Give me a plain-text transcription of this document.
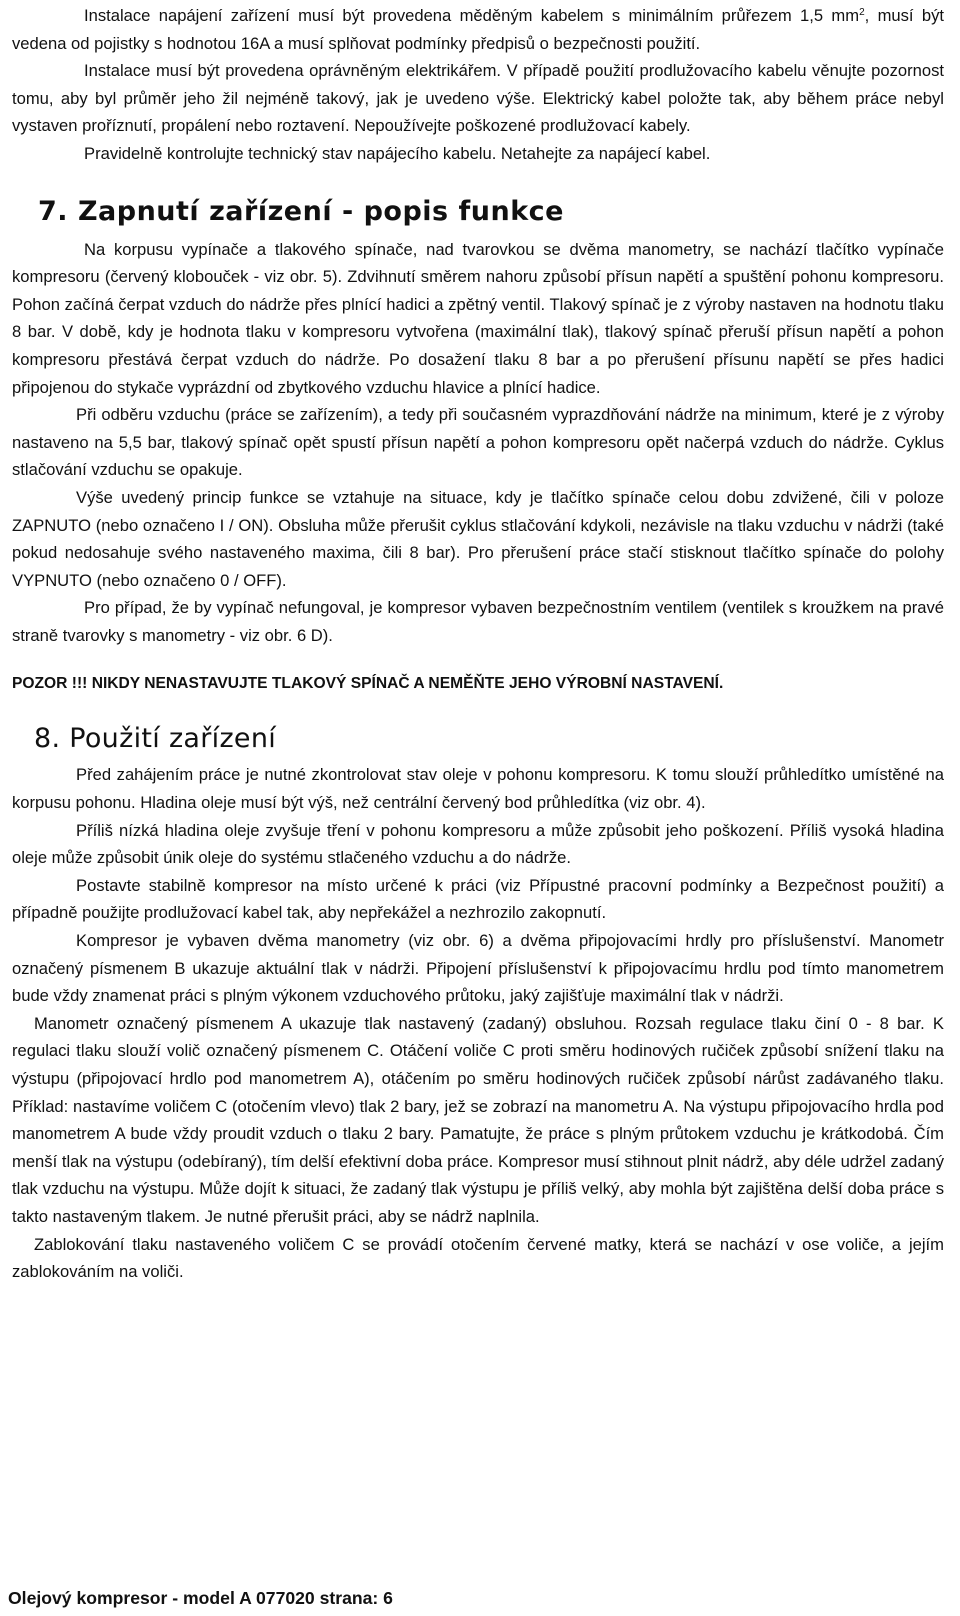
Instalace napájení zařízení musí být provedena měděným kabelem s minimálním průřezem 1,5 $mm^2$, musí být vedena od pojistky s hodnotou 16A a musí splňovat podmínky předpisů o bezpečnosti použití.

Instalace musí být provedena oprávněným elektrikářem. V případě použití prodlužovacího kabelu věnujte pozornost tomu, aby byl průměr jeho žil nejméně takový, jak je uvedeno výše. Elektrický kabel položte tak, aby během práce nebyl vystaven proříznutí, propálení nebo roztavení. Nepoužívejte poškozené prodlužovací kabely.

Pravidelně kontrolujte technický stav napájecího kabelu. Netahejte za napájecí kabel.

7. Zapnutí zařízení - popis funkce

Na korpusu vypínače a tlakového spínače, nad tvarovkou se dvěma manometry, se nachází tlačítko vypínače kompresoru (červený klobouček - viz obr. 5). Zdvihnutí směrem nahoru způsobí přísun napětí a spuštění pohonu kompresoru. Pohon začíná čerpat vzduch do nádrže přes plnící hadici a zpětný ventil. Tlakový spínač je z výroby nastaven na hodnotu tlaku 8 bar. V době, kdy je hodnota tlaku v kompresoru vytvořena (maximální tlak), tlakový spínač přeruší přísun napětí a pohon kompresoru přestává čerpat vzduch do nádrže. Po dosažení tlaku 8 bar a po přerušení přísunu napětí se přes hadici připojenou do stykače vyprázdní od zbytkového vzduchu hlavice a plnící hadice.

Při odběru vzduchu (práce se zařízením), a tedy při současném vyprazdňování nádrže na minimum, které je z výroby nastaveno na 5,5 bar, tlakový spínač opět spustí přísun napětí a pohon kompresoru opět načerpá vzduch do nádrže. Cyklus stlačování vzduchu se opakuje.

Výše uvedený princip funkce se vztahuje na situace, kdy je tlačítko spínače celou dobu zdvižené, čili v poloze ZAPNUTO (nebo označeno I / ON). Obsluha může přerušit cyklus stlačování kdykoli, nezávisle na tlaku vzduchu v nádrži (také pokud nedosahuje svého nastaveného maxima, čili 8 bar). Pro přerušení práce stačí stisknout tlačítko spínače do polohy VYPNUTO (nebo označeno 0 / OFF).

Pro případ, že by vypínač nefungoval, je kompresor vybaven bezpečnostním ventilem (ventilek s kroužkem na pravé straně tvarovky s manometry - viz obr. 6 D).

POZOR !!! NIKDY NENASTAVUJTE TLAKOVÝ SPÍNAČ A NEMĚŇTE JEHO VÝROBNÍ NASTAVENÍ.

8. Použití zařízení

Před zahájením práce je nutné zkontrolovat stav oleje v pohonu kompresoru. K tomu slouží průhledítko umístěné na korpusu pohonu. Hladina oleje musí být výš, než centrální červený bod průhledítka (viz obr. 4).

Příliš nízká hladina oleje zvyšuje tření v pohonu kompresoru a může způsobit jeho poškození. Příliš vysoká hladina oleje může způsobit únik oleje do systému stlačeného vzduchu a do nádrže.

Postavte stabilně kompresor na místo určené k práci (viz Přípustné pracovní podmínky a Bezpečnost použití) a případně použijte prodlužovací kabel tak, aby nepřekážel a nezhrozilo zakopnutí.

Kompresor je vybaven dvěma manometry (viz obr. 6) a dvěma připojovacími hrdly pro příslušenství. Manometr označený písmenem B ukazuje aktuální tlak v nádrži. Připojení příslušenství k připojovacímu hrdlu pod tímto manometrem bude vždy znamenat práci s plným výkonem vzduchového průtoku, jaký zajišťuje maximální tlak v nádrži.

Manometr označený písmenem A ukazuje tlak nastavený (zadaný) obsluhou. Rozsah regulace tlaku činí 0 - 8 bar. K regulaci tlaku slouží volič označený písmenem C. Otáčení voliče C proti směru hodinových ručiček způsobí snížení tlaku na výstupu (připojovací hrdlo pod manometrem A), otáčením po směru hodinových ručiček způsobí nárůst zadávaného tlaku. Příklad: nastavíme voličem C (otočením vlevo) tlak 2 bary, jež se zobrazí na manometru A. Na výstupu připojovacího hrdla pod manometrem A bude vždy proudit vzduch o tlaku 2 bary. Pamatujte, že práce s plným průtokem vzduchu je krátkodobá. Čím menší tlak na výstupu (odebíraný), tím delší efektivní doba práce. Kompresor musí stihnout plnit nádrž, aby déle udržel zadaný tlak vzduchu na výstupu. Může dojít k situaci, že zadaný tlak výstupu je příliš velký, aby mohla být zajištěna delší doba práce s takto nastaveným tlakem. Je nutné přerušit práci, aby se nádrž naplnila.

Zablokování tlaku nastaveného voličem C se provádí otočením červené matky, která se nachází v ose voliče, a jejím zablokováním na voliči.

Olejový kompresor - model A 077020 strana: 6
